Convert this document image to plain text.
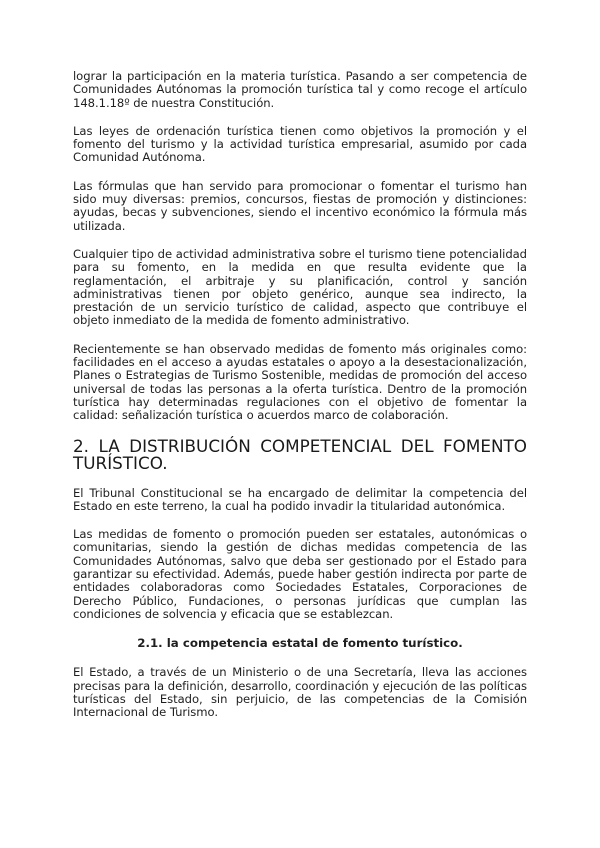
lograr la participación en la materia turística. Pasando a ser competencia de Comunidades Autónomas la promoción turística tal y como recoge el artículo 148.1.18º de nuestra Constitución.

Las leyes de ordenación turística tienen como objetivos la promoción y el fomento del turismo y la actividad turística empresarial, asumido por cada Comunidad Autónoma.

Las fórmulas que han servido para promocionar o fomentar el turismo han sido muy diversas: premios, concursos, fiestas de promoción y distinciones: ayudas, becas y subvenciones, siendo el incentivo económico la fórmula más utilizada.

Cualquier tipo de actividad administrativa sobre el turismo tiene potencialidad para su fomento, en la medida en que resulta evidente que la reglamentación, el arbitraje y su planificación, control y sanción administrativas tienen por objeto genérico, aunque sea indirecto, la prestación de un servicio turístico de calidad, aspecto que contribuye el objeto inmediato de la medida de fomento administrativo.

Recientemente se han observado medidas de fomento más originales como: facilidades en el acceso a ayudas estatales o apoyo a la desestacionalización, Planes o Estrategias de Turismo Sostenible, medidas de promoción del acceso universal de todas las personas a la oferta turística. Dentro de la promoción turística hay determinadas regulaciones con el objetivo de fomentar la calidad: señalización turística o acuerdos marco de colaboración.

2. LA DISTRIBUCIÓN COMPETENCIAL DEL FOMENTO TURÍSTICO.

El Tribunal Constitucional se ha encargado de delimitar la competencia del Estado en este terreno, la cual ha podido invadir la titularidad autonómica.

Las medidas de fomento o promoción pueden ser estatales, autonómicas o comunitarias, siendo la gestión de dichas medidas competencia de las Comunidades Autónomas, salvo que deba ser gestionado por el Estado para garantizar su efectividad. Además, puede haber gestión indirecta por parte de entidades colaboradoras como Sociedades Estatales, Corporaciones de Derecho Público, Fundaciones, o personas jurídicas que cumplan las condiciones de solvencia y eficacia que se establezcan.

2.1. la competencia estatal de fomento turístico.

El Estado, a través de un Ministerio o de una Secretaría, lleva las acciones precisas para la definición, desarrollo, coordinación y ejecución de las políticas turísticas del Estado, sin perjuicio, de las competencias de la Comisión Internacional de Turismo.
